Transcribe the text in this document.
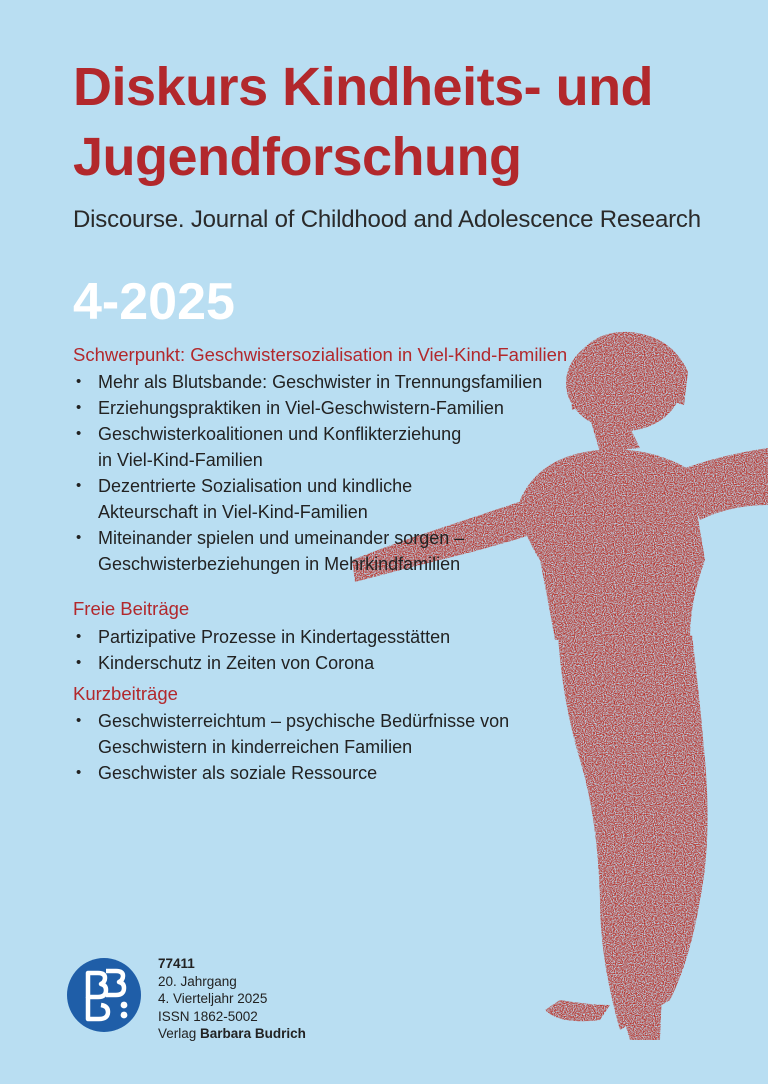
Diskurs Kindheits- und
Jugendforschung
Discourse. Journal of Childhood and Adolescence Research
4-2025
Schwerpunkt: Geschwistersozialisation in Viel-Kind-Familien
• Mehr als Blutsbande: Geschwister in Trennungsfamilien
• Erziehungspraktiken in Viel-Geschwistern-Familien
• Geschwisterkoalitionen und Konflikterziehung
in Viel-Kind-Familien
• Dezentrierte Sozialisation und kindliche
Akteurschaft in Viel-Kind-Familien
• Miteinander spielen und umeinander sorgen –
Geschwisterbeziehungen in Mehrkindfamilien
Freie Beiträge
• Partizipative Prozesse in Kindertagesstätten
• Kinderschutz in Zeiten von Corona
Kurzbeiträge
• Geschwisterreichtum – psychische Bedürfnisse von
Geschwistern in kinderreichen Familien
• Geschwister als soziale Ressource
77411
20. Jahrgang
4. Vierteljahr 2025
ISSN 1862-5002
Verlag Barbara Budrich
